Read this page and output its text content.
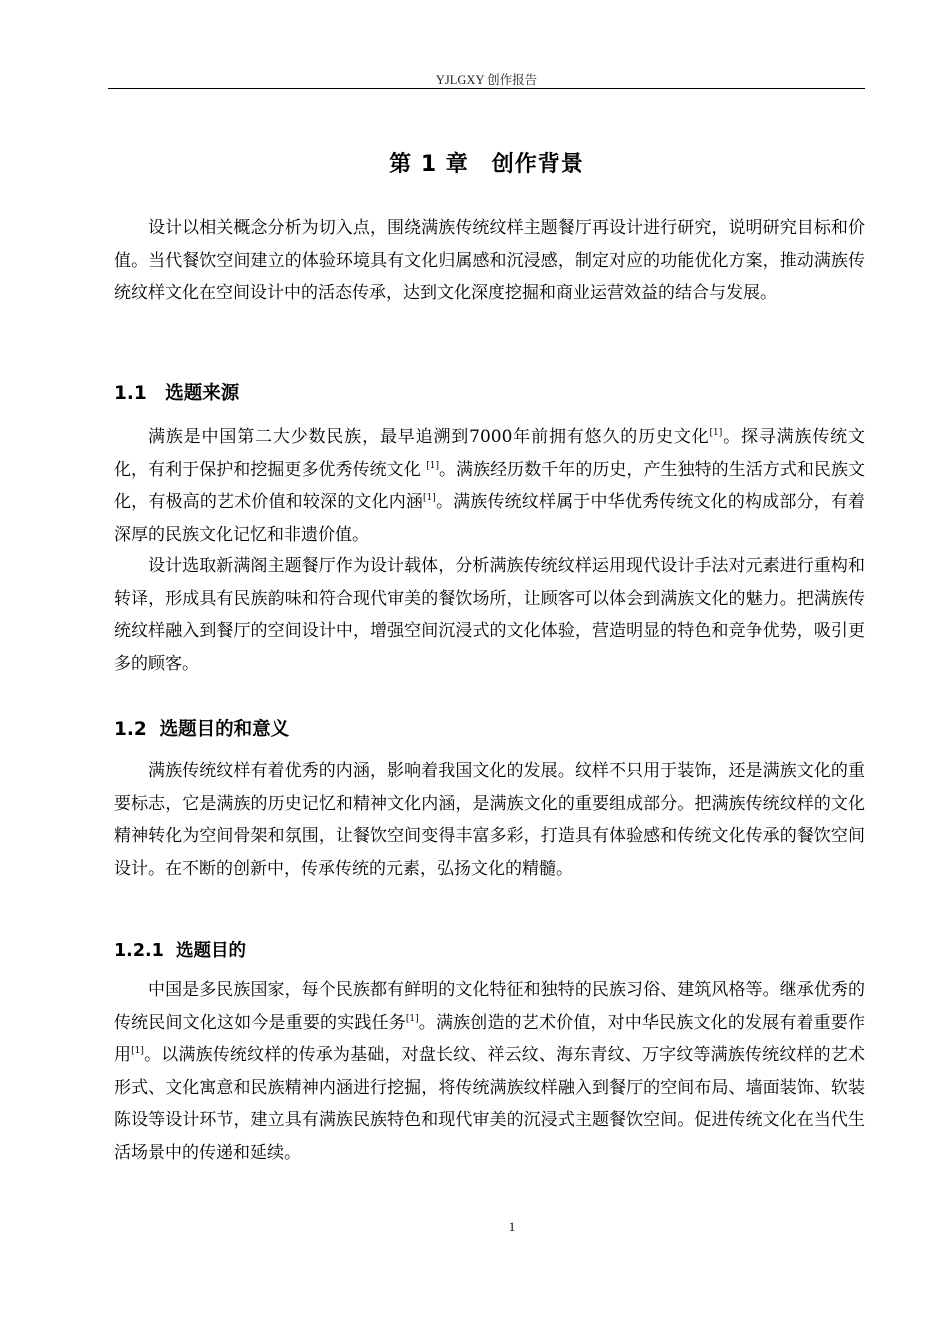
YJLGXY 创作报告
第 1 章　创作背景

设计以相关概念分析为切入点，围绕满族传统纹样主题餐厅再设计进行研究，说明研究目标和价值。当代餐饮空间建立的体验环境具有文化归属感和沉浸感，制定对应的功能优化方案，推动满族传统纹样文化在空间设计中的活态传承，达到文化深度挖掘和商业运营效益的结合与发展。

1.1　选题来源

满族是中国第二大少数民族，最早追溯到7000年前拥有悠久的历史文化[1]。探寻满族传统文化，有利于保护和挖掘更多优秀传统文化 [1]。满族经历数千年的历史，产生独特的生活方式和民族文化，有极高的艺术价值和较深的文化内涵[1]。满族传统纹样属于中华优秀传统文化的构成部分，有着深厚的民族文化记忆和非遗价值。

设计选取新满阁主题餐厅作为设计载体，分析满族传统纹样运用现代设计手法对元素进行重构和转译，形成具有民族韵味和符合现代审美的餐饮场所，让顾客可以体会到满族文化的魅力。把满族传统纹样融入到餐厅的空间设计中，增强空间沉浸式的文化体验，营造明显的特色和竞争优势，吸引更多的顾客。

1.2  选题目的和意义

满族传统纹样有着优秀的内涵，影响着我国文化的发展。纹样不只用于装饰，还是满族文化的重要标志，它是满族的历史记忆和精神文化内涵，是满族文化的重要组成部分。把满族传统纹样的文化精神转化为空间骨架和氛围，让餐饮空间变得丰富多彩，打造具有体验感和传统文化传承的餐饮空间设计。在不断的创新中，传承传统的元素，弘扬文化的精髓。

1.2.1  选题目的

中国是多民族国家，每个民族都有鲜明的文化特征和独特的民族习俗、建筑风格等。继承优秀的传统民间文化这如今是重要的实践任务[1]。满族创造的艺术价值，对中华民族文化的发展有着重要作用[1]。以满族传统纹样的传承为基础，对盘长纹、祥云纹、海东青纹、万字纹等满族传统纹样的艺术形式、文化寓意和民族精神内涵进行挖掘，将传统满族纹样融入到餐厅的空间布局、墙面装饰、软装陈设等设计环节，建立具有满族民族特色和现代审美的沉浸式主题餐饮空间。促进传统文化在当代生活场景中的传递和延续。

1
